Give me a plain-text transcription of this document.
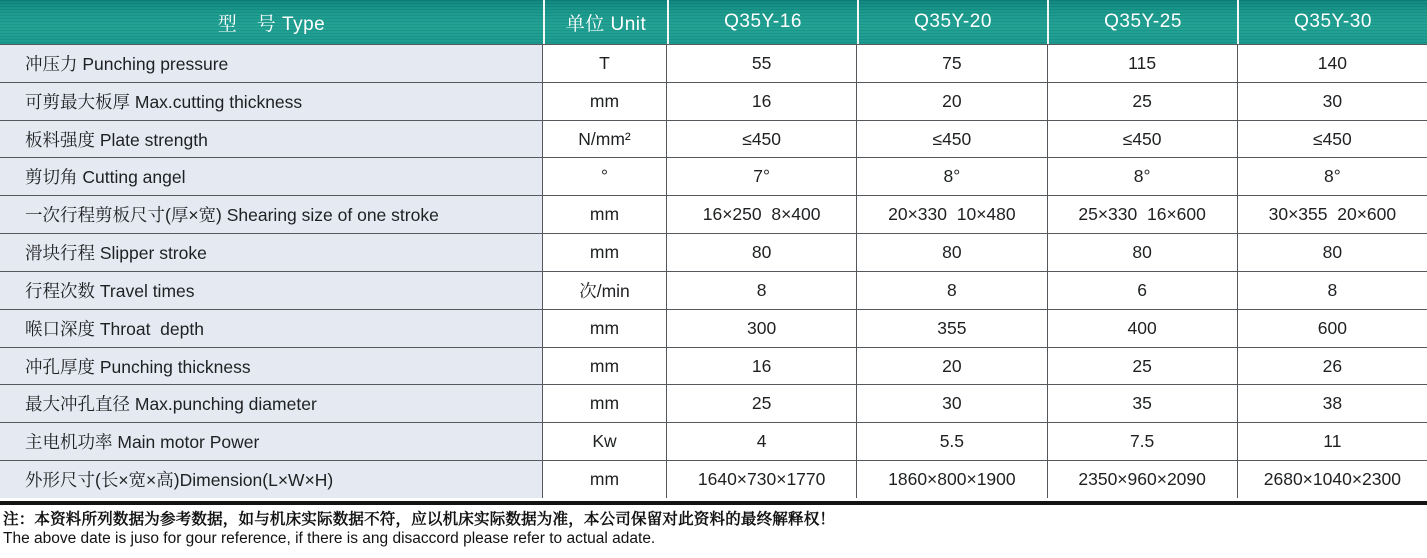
型　号 Type	单位 Unit	Q35Y-16	Q35Y-20	Q35Y-25	Q35Y-30
冲压力 Punching pressure	T	55	75	115	140
可剪最大板厚 Max.cutting thickness	mm	16	20	25	30
板料强度 Plate strength	N/mm²	≤450	≤450	≤450	≤450
剪切角 Cutting angel	°	7°	8°	8°	8°
一次行程剪板尺寸(厚×宽) Shearing size of one stroke	mm	16×250  8×400	20×330  10×480	25×330  16×600	30×355  20×600
滑块行程 Slipper stroke	mm	80	80	80	80
行程次数 Travel times	次/min	8	8	6	8
喉口深度 Throat  depth	mm	300	355	400	600
冲孔厚度 Punching thickness	mm	16	20	25	26
最大冲孔直径 Max.punching diameter	mm	25	30	35	38
主电机功率 Main motor Power	Kw	4	5.5	7.5	11
外形尺寸(长×宽×高)Dimension(L×W×H)	mm	1640×730×1770	1860×800×1900	2350×960×2090	2680×1040×2300
注：本资料所列数据为参考数据，如与机床实际数据不符，应以机床实际数据为准，本公司保留对此资料的最终解释权！
The above date is juso for gour reference, if there is ang disaccord please refer to actual adate.
